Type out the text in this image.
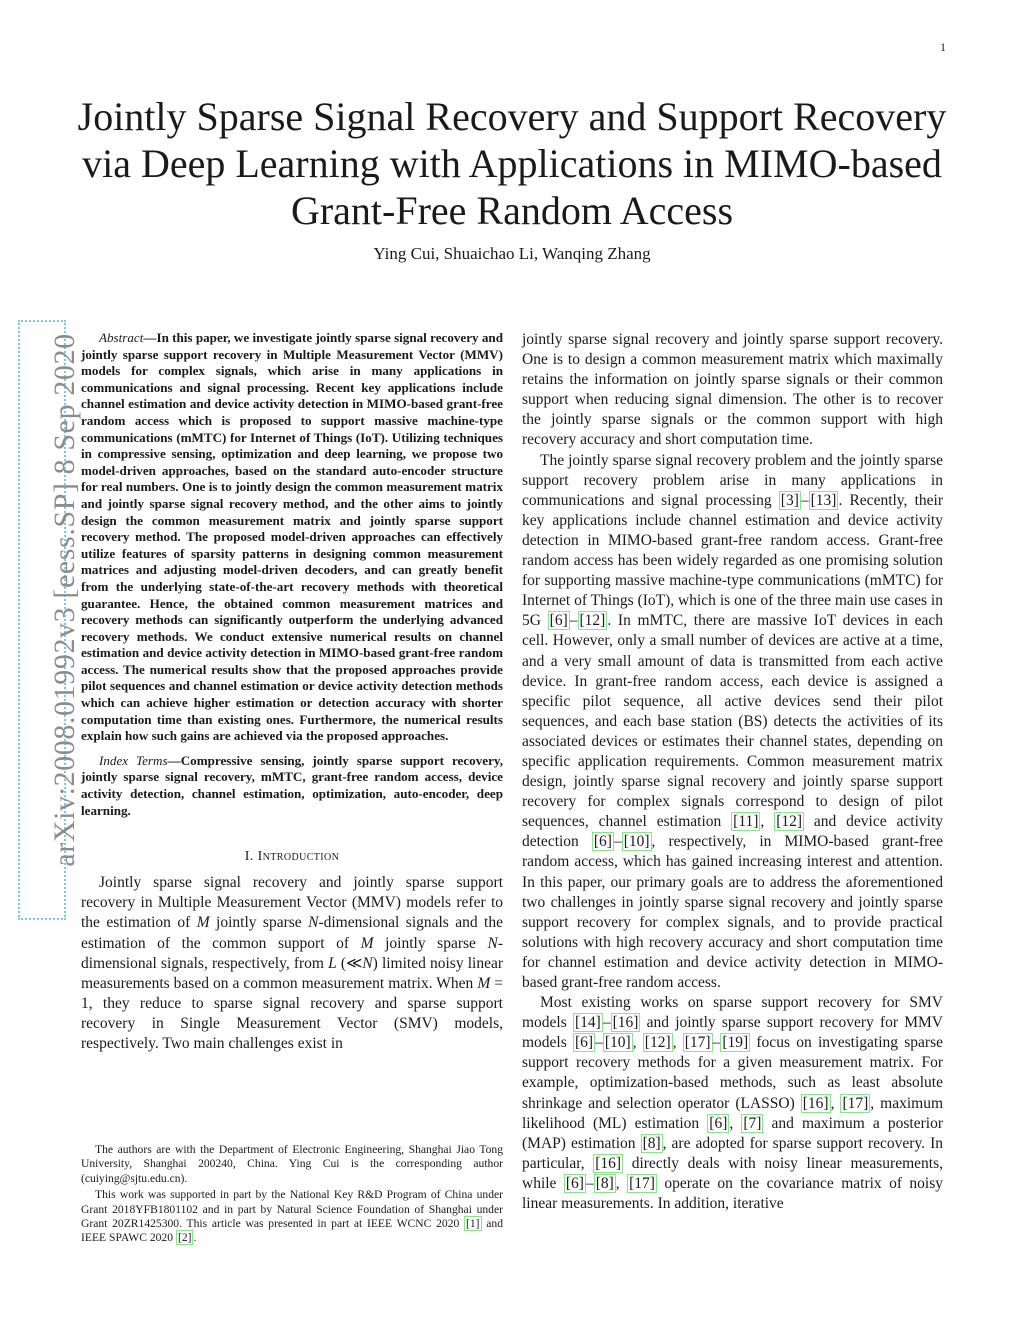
1
arXiv:2008.01992v3 [eess.SP] 8 Sep 2020
Jointly Sparse Signal Recovery and Support Recovery via Deep Learning with Applications in MIMO-based Grant-Free Random Access
Ying Cui, Shuaichao Li, Wanqing Zhang

Abstract—In this paper, we investigate jointly sparse signal recovery and jointly sparse support recovery in Multiple Measurement Vector (MMV) models for complex signals, which arise in many applications in communications and signal processing. Recent key applications include channel estimation and device activity detection in MIMO-based grant-free random access which is proposed to support massive machine-type communications (mMTC) for Internet of Things (IoT). Utilizing techniques in compressive sensing, optimization and deep learning, we propose two model-driven approaches, based on the standard auto-encoder structure for real numbers. One is to jointly design the common measurement matrix and jointly sparse signal recovery method, and the other aims to jointly design the common measurement matrix and jointly sparse support recovery method. The proposed model-driven approaches can effectively utilize features of sparsity patterns in designing common measurement matrices and adjusting model-driven decoders, and can greatly benefit from the underlying state-of-the-art recovery methods with theoretical guarantee. Hence, the obtained common measurement matrices and recovery methods can significantly outperform the underlying advanced recovery methods. We conduct extensive numerical results on channel estimation and device activity detection in MIMO-based grant-free random access. The numerical results show that the proposed approaches provide pilot sequences and channel estimation or device activity detection methods which can achieve higher estimation or detection accuracy with shorter computation time than existing ones. Furthermore, the numerical results explain how such gains are achieved via the proposed approaches.

Index Terms—Compressive sensing, jointly sparse support recovery, jointly sparse signal recovery, mMTC, grant-free random access, device activity detection, channel estimation, optimization, auto-encoder, deep learning.

I. Introduction

Jointly sparse signal recovery and jointly sparse support recovery in Multiple Measurement Vector (MMV) models refer to the estimation of M jointly sparse N-dimensional signals and the estimation of the common support of M jointly sparse N-dimensional signals, respectively, from L (≪N) limited noisy linear measurements based on a common measurement matrix. When M = 1, they reduce to sparse signal recovery and sparse support recovery in Single Measurement Vector (SMV) models, respectively. Two main challenges exist in

The authors are with the Department of Electronic Engineering, Shanghai Jiao Tong University, Shanghai 200240, China. Ying Cui is the corresponding author (cuiying@sjtu.edu.cn).

This work was supported in part by the National Key R&D Program of China under Grant 2018YFB1801102 and in part by Natural Science Foundation of Shanghai under Grant 20ZR1425300. This article was presented in part at IEEE WCNC 2020 [1] and IEEE SPAWC 2020 [2] .

jointly sparse signal recovery and jointly sparse support recovery. One is to design a common measurement matrix which maximally retains the information on jointly sparse signals or their common support when reducing signal dimension. The other is to recover the jointly sparse signals or the common support with high recovery accuracy and short computation time.

The jointly sparse signal recovery problem and the jointly sparse support recovery problem arise in many applications in communications and signal processing [3] – [13] . Recently, their key applications include channel estimation and device activity detection in MIMO-based grant-free random access. Grant-free random access has been widely regarded as one promising solution for supporting massive machine-type communications (mMTC) for Internet of Things (IoT), which is one of the three main use cases in 5G [6] – [12] . In mMTC, there are massive IoT devices in each cell. However, only a small number of devices are active at a time, and a very small amount of data is transmitted from each active device. In grant-free random access, each device is assigned a specific pilot sequence, all active devices send their pilot sequences, and each base station (BS) detects the activities of its associated devices or estimates their channel states, depending on specific application requirements. Common measurement matrix design, jointly sparse signal recovery and jointly sparse support recovery for complex signals correspond to design of pilot sequences, channel estimation [11] , [12] and device activity detection [6] – [10] , respectively, in MIMO-based grant-free random access, which has gained increasing interest and attention. In this paper, our primary goals are to address the aforementioned two challenges in jointly sparse signal recovery and jointly sparse support recovery for complex signals, and to provide practical solutions with high recovery accuracy and short computation time for channel estimation and device activity detection in MIMO-based grant-free random access.

Most existing works on sparse support recovery for SMV models [14] – [16] and jointly sparse support recovery for MMV models [6] – [10] , [12] , [17] – [19] focus on investigating sparse support recovery methods for a given measurement matrix. For example, optimization-based methods, such as least absolute shrinkage and selection operator (LASSO) [16] , [17] , maximum likelihood (ML) estimation [6] , [7] and maximum a posterior (MAP) estimation [8] , are adopted for sparse support recovery. In particular, [16] directly deals with noisy linear measurements, while [6] – [8] , [17] operate on the covariance matrix of noisy linear measurements. In addition, iterative
